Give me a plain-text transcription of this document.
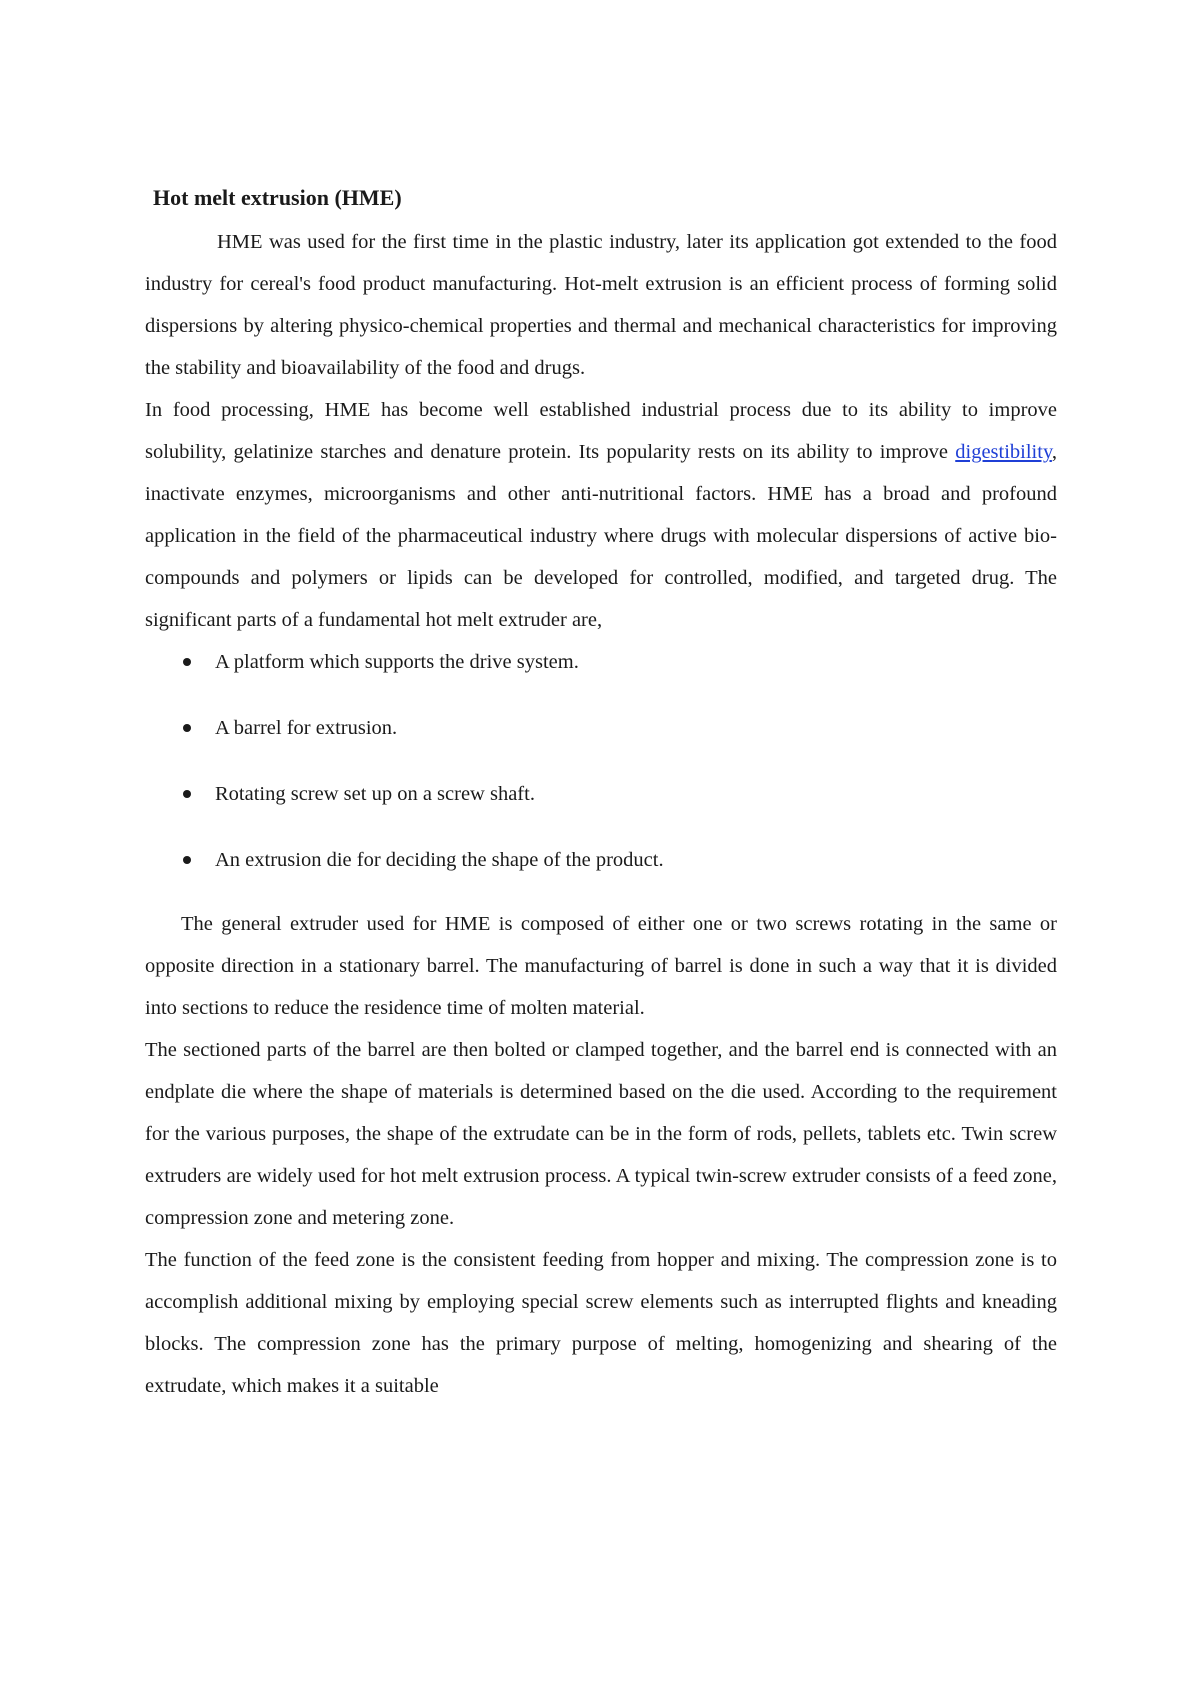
Hot melt extrusion (HME)

HME was used for the first time in the plastic industry, later its application got extended to the food industry for cereal's food product manufacturing. Hot-melt extrusion is an efficient process of forming solid dispersions by altering physico-chemical properties and thermal and mechanical characteristics for improving the stability and bioavailability of the food and drugs.

In food processing, HME has become well established industrial process due to its ability to improve solubility, gelatinize starches and denature protein. Its popularity rests on its ability to improve digestibility, inactivate enzymes, microorganisms and other anti-nutritional factors. HME has a broad and profound application in the field of the pharmaceutical industry where drugs with molecular dispersions of active bio-compounds and polymers or lipids can be developed for controlled, modified, and targeted drug. The significant parts of a fundamental hot melt extruder are,

A platform which supports the drive system.
A barrel for extrusion.
Rotating screw set up on a screw shaft.
An extrusion die for deciding the shape of the product.

The general extruder used for HME is composed of either one or two screws rotating in the same or opposite direction in a stationary barrel. The manufacturing of barrel is done in such a way that it is divided into sections to reduce the residence time of molten material.

The sectioned parts of the barrel are then bolted or clamped together, and the barrel end is connected with an endplate die where the shape of materials is determined based on the die used. According to the requirement for the various purposes, the shape of the extrudate can be in the form of rods, pellets, tablets etc. Twin screw extruders are widely used for hot melt extrusion process. A typical twin-screw extruder consists of a feed zone, compression zone and metering zone.

The function of the feed zone is the consistent feeding from hopper and mixing. The compression zone is to accomplish additional mixing by employing special screw elements such as interrupted flights and kneading blocks. The compression zone has the primary purpose of melting, homogenizing and shearing of the extrudate, which makes it a suitable
